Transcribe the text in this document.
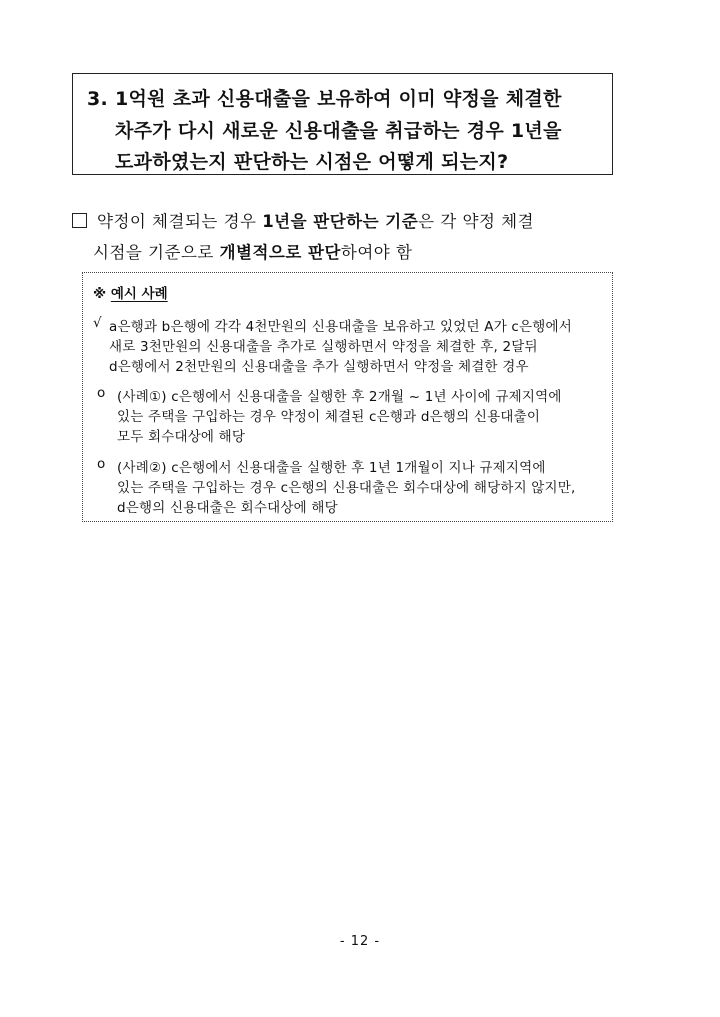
3. 1억원 초과 신용대출을 보유하여 이미 약정을 체결한
차주가 다시 새로운 신용대출을 취급하는 경우 1년을
도과하였는지 판단하는 시점은 어떻게 되는지?
약정이 체결되는 경우 1년을 판단하는 기준은 각 약정 체결
시점을 기준으로 개별적으로 판단하여야 함
※ 예시 사례
√ a은행과 b은행에 각각 4천만원의 신용대출을 보유하고 있었던 A가 c은행에서
새로 3천만원의 신용대출을 추가로 실행하면서 약정을 체결한 후, 2달뒤
d은행에서 2천만원의 신용대출을 추가 실행하면서 약정을 체결한 경우
o (사례①) c은행에서 신용대출을 실행한 후 2개월 ~ 1년 사이에 규제지역에
있는 주택을 구입하는 경우 약정이 체결된 c은행과 d은행의 신용대출이
모두 회수대상에 해당
o (사례②) c은행에서 신용대출을 실행한 후 1년 1개월이 지나 규제지역에
있는 주택을 구입하는 경우 c은행의 신용대출은 회수대상에 해당하지 않지만,
d은행의 신용대출은 회수대상에 해당
- 12 -
